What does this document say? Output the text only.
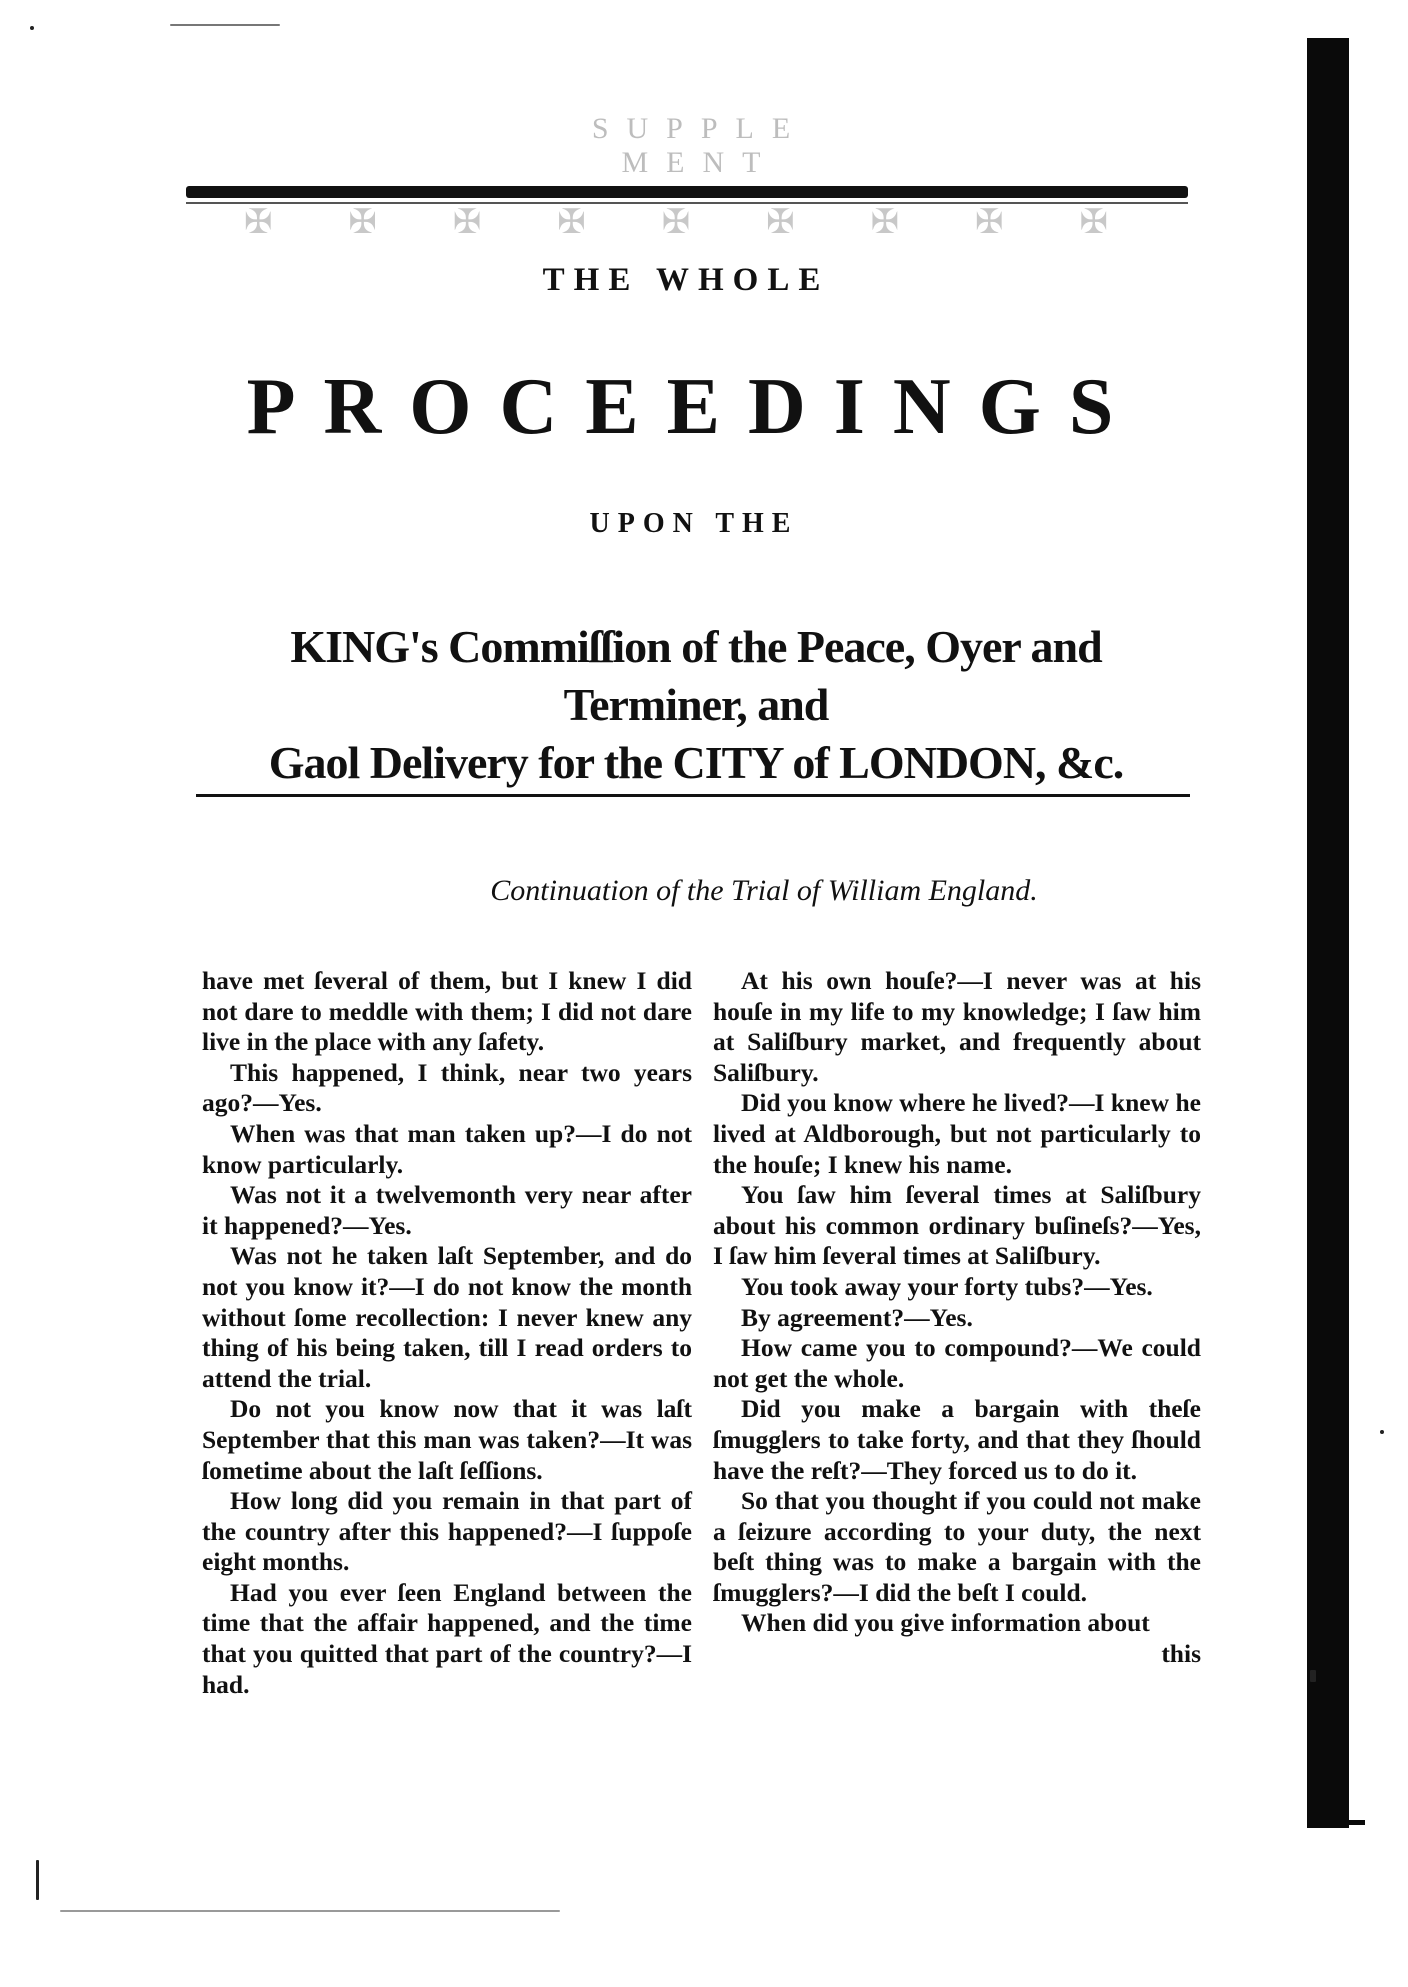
SUPPLE MENT
✠ ✠ ✠ ✠ ✠ ✠ ✠ ✠ ✠
THE WHOLE
PROCEEDINGS
UPON THE
KING's Commiſſion of the Peace, Oyer and Terminer, and
Gaol Delivery for the CITY of LONDON, &c.
Continuation of the Trial of William England.

have met ſeveral of them, but I knew I did not dare to meddle with them; I did not dare live in the place with any ſafety.

This happened, I think, near two years ago?—Yes.

When was that man taken up?—I do not know particularly.

Was not it a twelvemonth very near after it happened?—Yes.

Was not he taken laſt September, and do not you know it?—I do not know the month without ſome recollection: I never knew any thing of his being taken, till I read orders to attend the trial.

Do not you know now that it was laſt September that this man was taken?—It was ſometime about the laſt ſeſſions.

How long did you remain in that part of the country after this happened?—I ſuppoſe eight months.

Had you ever ſeen England between the time that the affair happened, and the time that you quitted that part of the country?—I had.

At his own houſe?—I never was at his houſe in my life to my knowledge; I ſaw him at Saliſbury market, and frequently about Saliſbury.

Did you know where he lived?—I knew he lived at Aldborough, but not particularly to the houſe; I knew his name.

You ſaw him ſeveral times at Saliſbury about his common ordinary buſineſs?—Yes, I ſaw him ſeveral times at Saliſbury.

You took away your forty tubs?—Yes.

By agreement?—Yes.

How came you to compound?—We could not get the whole.

Did you make a bargain with theſe ſmugglers to take forty, and that they ſhould have the reſt?—They forced us to do it.

So that you thought if you could not make a ſeizure according to your duty, the next beſt thing was to make a bargain with the ſmugglers?—I did the beſt I could.

When did you give information about

this
